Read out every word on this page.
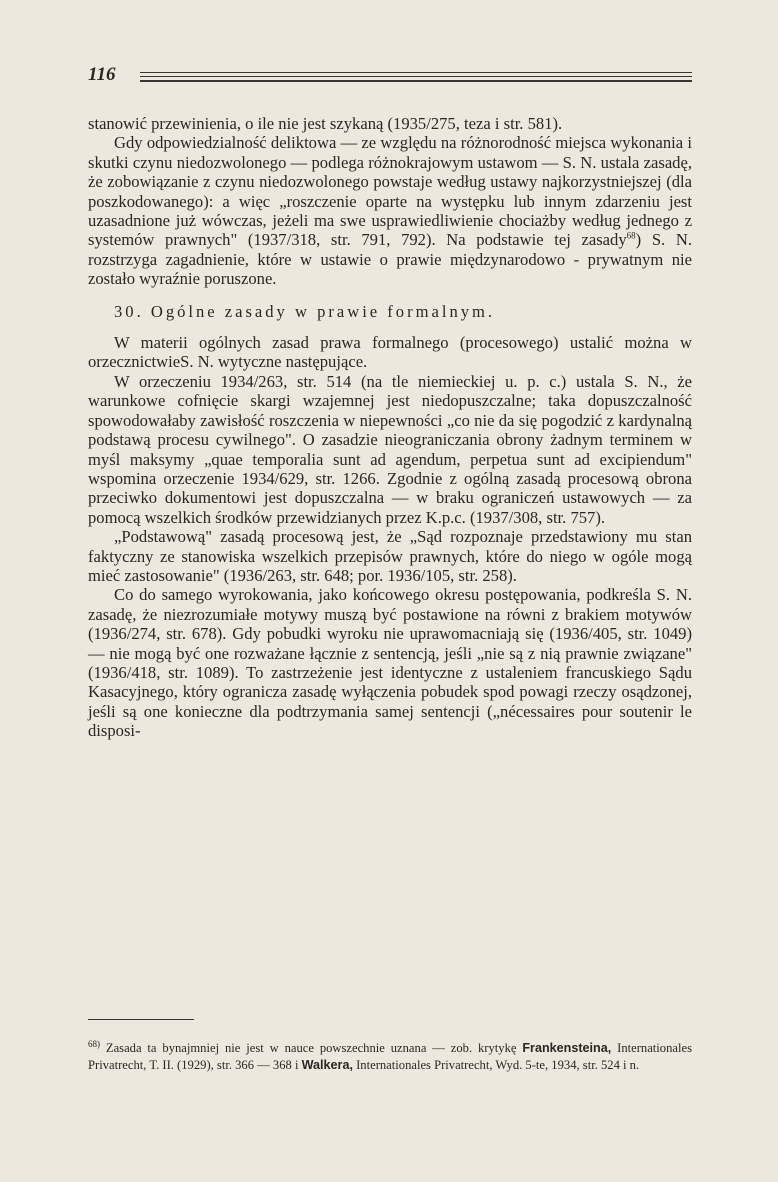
116

stanowić przewinienia, o ile nie jest szykaną (1935/275, teza i str. 581).

Gdy odpowiedzialność deliktowa — ze względu na różnorodność miejsca wykonania i skutki czynu niedozwolonego — podlega różnokrajowym ustawom — S. N. ustala zasadę, że zobowiązanie z czynu niedozwolonego powstaje według ustawy najkorzystniejszej (dla poszkodowanego): a więc „roszczenie oparte na występku lub innym zdarzeniu jest uzasadnione już wówczas, jeżeli ma swe usprawiedliwienie chociażby według jednego z systemów prawnych" (1937/318, str. 791, 792). Na podstawie tej zasady$^{68}$) S. N. rozstrzyga zagadnienie, które w ustawie o prawie międzynarodowo - prywatnym nie zostało wyraźnie poruszone.

30. Ogólne zasady w prawie formalnym.

W materii ogólnych zasad prawa formalnego (procesowego) ustalić można w orzecznictwieS. N. wytyczne następujące.

W orzeczeniu 1934/263, str. 514 (na tle niemieckiej u. p. c.) ustala S. N., że warunkowe cofnięcie skargi wzajemnej jest niedopuszczalne; taka dopuszczalność spowodowałaby zawisłość roszczenia w niepewności „co nie da się pogodzić z kardynalną podstawą procesu cywilnego". O zasadzie nieograniczania obrony żadnym terminem w myśl maksymy „quae temporalia sunt ad agendum, perpetua sunt ad excipiendum" wspomina orzeczenie 1934/629, str. 1266. Zgodnie z ogólną zasadą procesową obrona przeciwko dokumentowi jest dopuszczalna — w braku ograniczeń ustawowych — za pomocą wszelkich środków przewidzianych przez K.p.c. (1937/308, str. 757).

„Podstawową" zasadą procesową jest, że „Sąd rozpoznaje przedstawiony mu stan faktyczny ze stanowiska wszelkich przepisów prawnych, które do niego w ogóle mogą mieć zastosowanie" (1936/263, str. 648; por. 1936/105, str. 258).

Co do samego wyrokowania, jako końcowego okresu postępowania, podkreśla S. N. zasadę, że niezrozumiałe motywy muszą być postawione na równi z brakiem motywów (1936/274, str. 678). Gdy pobudki wyroku nie uprawomacniają się (1936/405, str. 1049) — nie mogą być one rozważane łącznie z sentencją, jeśli „nie są z nią prawnie związane" (1936/418, str. 1089). To zastrzeżenie jest identyczne z ustaleniem francuskiego Sądu Kasacyjnego, który ogranicza zasadę wyłączenia pobudek spod powagi rzeczy osądzonej, jeśli są one konieczne dla podtrzymania samej sentencji („nécessaires pour soutenir le disposi-

$^{68)}$ Zasada ta bynajmniej nie jest w nauce powszechnie uznana — zob. krytykę Frankensteina, Internationales Privatrecht, T. II. (1929), str. 366 — 368 i Walkera, Internationales Privatrecht, Wyd. 5-te, 1934, str. 524 i n.
